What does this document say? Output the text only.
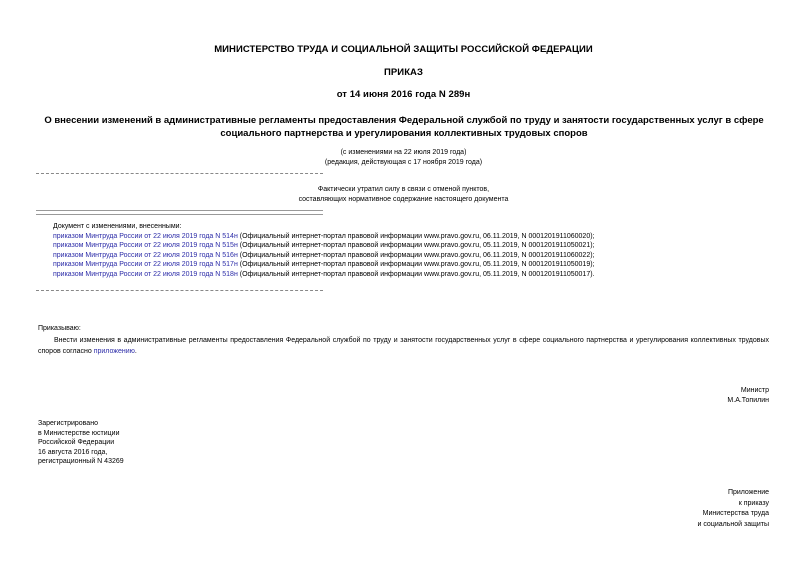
МИНИСТЕРСТВО ТРУДА И СОЦИАЛЬНОЙ ЗАЩИТЫ РОССИЙСКОЙ ФЕДЕРАЦИИ
ПРИКАЗ
от 14 июня 2016 года N 289н
О внесении изменений в административные регламенты предоставления Федеральной службой по труду и занятости государственных услуг в сфере социального партнерства и урегулирования коллективных трудовых споров
(с изменениями на 22 июля 2019 года)
(редакция, действующая с 17 ноября 2019 года)
Фактически утратил силу в связи с отменой пунктов,
составляющих нормативное содержание настоящего документа
Документ с изменениями, внесенными:
приказом Минтруда России от 22 июля 2019 года N 514н (Официальный интернет-портал правовой информации www.pravo.gov.ru, 06.11.2019, N 0001201911060020);
приказом Минтруда России от 22 июля 2019 года N 515н (Официальный интернет-портал правовой информации www.pravo.gov.ru, 05.11.2019, N 0001201911050021);
приказом Минтруда России от 22 июля 2019 года N 516н (Официальный интернет-портал правовой информации www.pravo.gov.ru, 06.11.2019, N 0001201911060022);
приказом Минтруда России от 22 июля 2019 года N 517н (Официальный интернет-портал правовой информации www.pravo.gov.ru, 05.11.2019, N 0001201911050019);
приказом Минтруда России от 22 июля 2019 года N 518н (Официальный интернет-портал правовой информации www.pravo.gov.ru, 05.11.2019, N 0001201911050017).
Приказываю:
Внести изменения в административные регламенты предоставления Федеральной службой по труду и занятости государственных услуг в сфере социального партнерства и урегулирования коллективных трудовых споров согласно приложению.
Министр
М.А.Топилин
Зарегистрировано
в Министерстве юстиции
Российской Федерации
16 августа 2016 года,
регистрационный N 43269
Приложение
к приказу
Министерства труда
и социальной защиты
